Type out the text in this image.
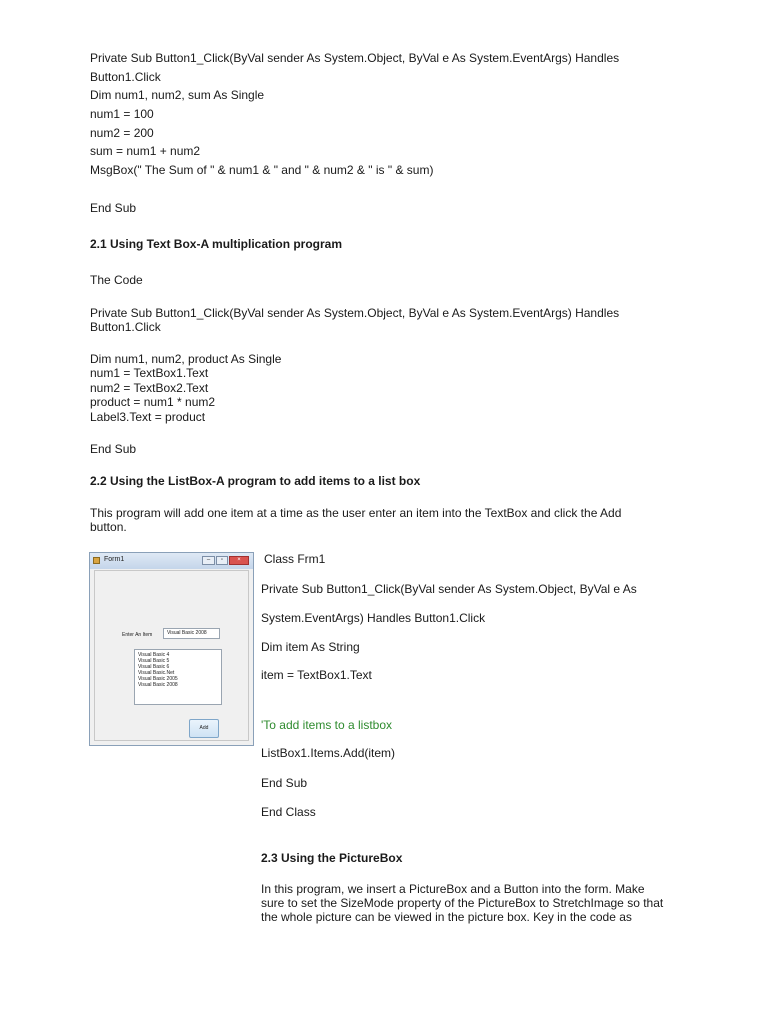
Private Sub Button1_Click(ByVal sender As System.Object, ByVal e As System.EventArgs) Handles
Button1.Click
Dim num1, num2, sum As Single
num1 = 100
num2 = 200
sum = num1 + num2
MsgBox(" The Sum of " & num1 & " and " & num2 & " is " & sum)
End Sub
2.1 Using Text Box-A multiplication program
The Code
Private Sub Button1_Click(ByVal sender As System.Object, ByVal e As System.EventArgs) Handles
Button1.Click
Dim num1, num2, product As Single
num1 = TextBox1.Text
num2 = TextBox2.Text
product = num1 * num2
Label3.Text = product
End Sub
2.2 Using the ListBox-A program to add items to a list box
This program will add one item at a time as the user enter an item into the TextBox and click the Add button.
Form1	–	▫	×
Enter An Item	Visual Basic 2008
Visual Basic 4
Visual Basic 5
Visual Basic 6
Visual Basic.Net
Visual Basic 2005
Visual Basic 2008
Add
Class Frm1
Private Sub Button1_Click(ByVal sender As System.Object, ByVal e As
System.EventArgs) Handles Button1.Click
Dim item As String
item = TextBox1.Text
'To add items to a listbox
ListBox1.Items.Add(item)
End Sub
End Class
2.3 Using the PictureBox
In this program, we insert a PictureBox and a Button into the form. Make
sure to set the SizeMode property of the PictureBox to StretchImage so that
the whole picture can be viewed in the picture box. Key in the code as
